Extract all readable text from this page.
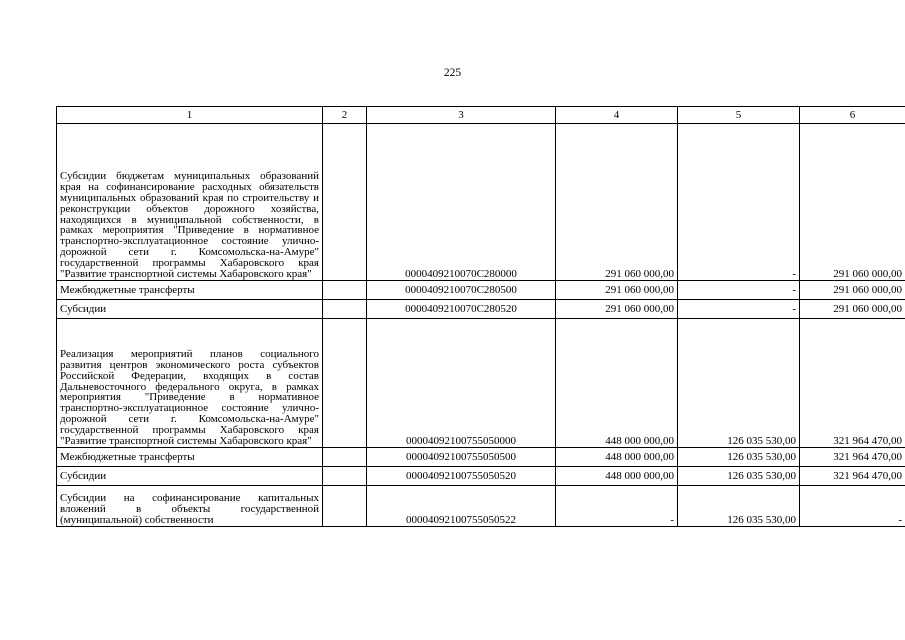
225
1	2	3	4	5	6
Субсидии бюджетам муниципальных образований края на софинансирование расходных обязательств муниципальных образований края по строительству и реконструкции объектов дорожного хозяйства, находящихся в муниципальной собственности, в рамках мероприятия "Приведение в нормативное транспортно-эксплуатационное состояние улично-дорожной сети г. Комсомольска-на-Амуре" государственной программы Хабаровского края "Развитие транспортной системы Хабаровского края"		0000409210070С280000	291 060 000,00	-	291 060 000,00
Межбюджетные трансферты		0000409210070С280500	291 060 000,00	-	291 060 000,00
Субсидии		0000409210070С280520	291 060 000,00	-	291 060 000,00
Реализация мероприятий планов социального развития центров экономического роста субъектов Российской Федерации, входящих в состав Дальневосточного федерального округа, в рамках мероприятия "Приведение в нормативное транспортно-эксплуатационное состояние улично-дорожной сети г. Комсомольска-на-Амуре" государственной программы Хабаровского края "Развитие транспортной системы Хабаровского края"		00004092100755050000	448 000 000,00	126 035 530,00	321 964 470,00
Межбюджетные трансферты		00004092100755050500	448 000 000,00	126 035 530,00	321 964 470,00
Субсидии		00004092100755050520	448 000 000,00	126 035 530,00	321 964 470,00
Субсидии на софинансирование капитальных вложений в объекты государственной (муниципальной) собственности		00004092100755050522	-	126 035 530,00	-
